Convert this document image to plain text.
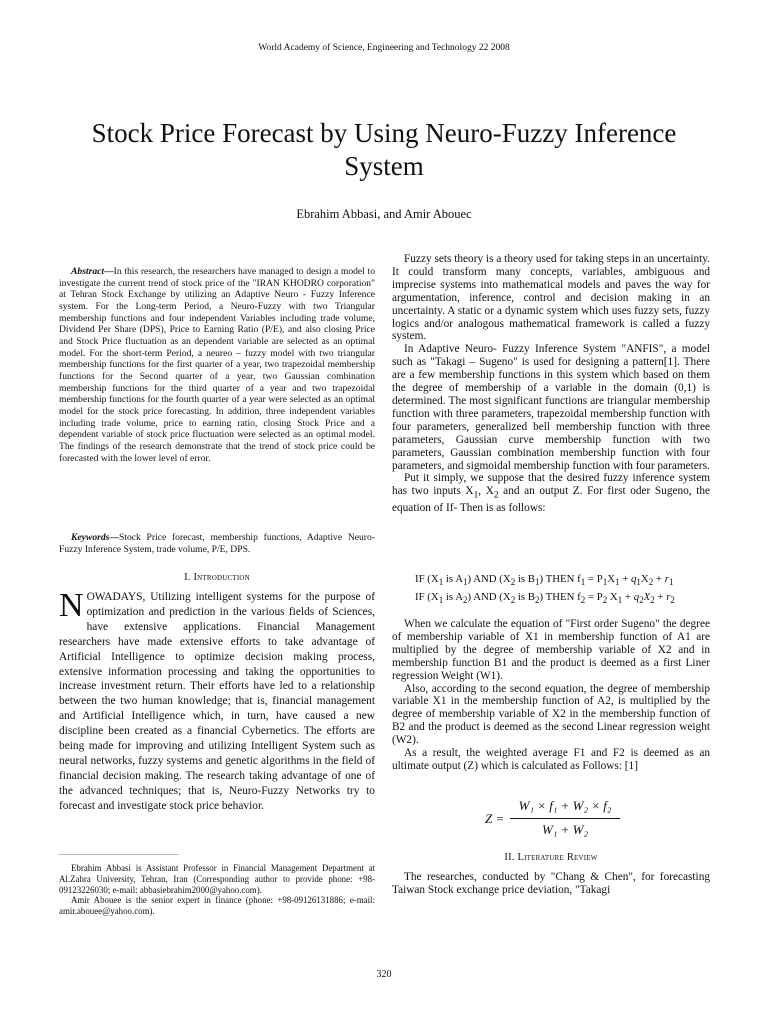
World Academy of Science, Engineering and Technology 22 2008
Stock Price Forecast by Using Neuro-Fuzzy Inference System
Ebrahim Abbasi, and Amir Abouec
Abstract—In this research, the researchers have managed to design a model to investigate the current trend of stock price of the "IRAN KHODRO corporation" at Tehran Stock Exchange by utilizing an Adaptive Neuro - Fuzzy Inference system. For the Long-term Period, a Neuro-Fuzzy with two Triangular membership functions and four independent Variables including trade volume, Dividend Per Share (DPS), Price to Earning Ratio (P/E), and also closing Price and Stock Price fluctuation as an dependent variable are selected as an optimal model. For the short-term Period, a neureo – fuzzy model with two triangular membership functions for the first quarter of a year, two trapezoidal membership functions for the Second quarter of a year, two Gaussian combination membership functions for the third quarter of a year and two trapezoidal membership functions for the fourth quarter of a year were selected as an optimal model for the stock price forecasting. In addition, three independent variables including trade volume, price to earning ratio, closing Stock Price and a dependent variable of stock price fluctuation were selected as an optimal model. The findings of the research demonstrate that the trend of stock price could be forecasted with the lower level of error.
Keywords—Stock Price forecast, membership functions, Adaptive Neuro-Fuzzy Inference System, trade volume, P/E, DPS.
I. Introduction
NOWADAYS, Utilizing intelligent systems for the purpose of optimization and prediction in the various fields of Sciences, have extensive applications. Financial Management researchers have made extensive efforts to take advantage of Artificial Intelligence to optimize decision making process, extensive information processing and taking the opportunities to increase investment return. Their efforts have led to a relationship between the two human knowledge; that is, financial management and Artificial Intelligence which, in turn, have caused a new discipline been created as a financial Cybernetics. The efforts are being made for improving and utilizing Intelligent System such as neural networks, fuzzy systems and genetic algorithms in the field of financial decision making. The research taking advantage of one of the advanced techniques; that is, Neuro-Fuzzy Networks try to forecast and investigate stock price behavior.

Ebrahim Abbasi is Assistant Professor in Financial Management Department at Al.Zahra University, Tehran, Iran (Corresponding author to provide phone: +98-09123226030; e-mail: abbasiebrahim2000@yahoo.com).

Amir Abouee is the senior expert in finance (phone: +98-09126131886; e-mail: amir.abouee@yahoo.com).

Fuzzy sets theory is a theory used for taking steps in an uncertainty. It could transform many concepts, variables, ambiguous and imprecise systems into mathematical models and paves the way for argumentation, inference, control and decision making in an uncertainty. A static or a dynamic system which uses fuzzy sets, fuzzy logics and/or analogous mathematical framework is called a fuzzy system.

In Adaptive Neuro- Fuzzy Inference System "ANFIS", a model such as "Takagi – Sugeno" is used for designing a pattern[1]. There are a few membership functions in this system which based on them the degree of membership of a variable in the domain (0,1) is determined. The most significant functions are triangular membership function with three parameters, trapezoidal membership function with four parameters, generalized bell membership function with three parameters, Gaussian curve membership function with two parameters, Gaussian combination membership function with four parameters, and sigmoidal membership function with four parameters.

Put it simply, we suppose that the desired fuzzy inference system has two inputs $X_1$, $X_2$ and an output Z. For first oder Sugeno, the equation of If- Then is as follows:

IF ($X_1$ is $A_1$) AND ($X_2$ is $B_1$) THEN $f_1 = P_1X_1 + q_1X_2 + r_1$
IF ($X_1$ is $A_2$) AND ($X_2$ is $B_2$) THEN $f_2 = P_2$ $X_1 + q_2X_2 + r_2$

When we calculate the equation of "First order Sugeno" the degree of membership variable of X1 in membership function of A1 are multiplied by the degree of membership variable of X2 and in membership function B1 and the product is deemed as a first Liner regression Weight (W1).

Also, according to the second equation, the degree of membership variable X1 in the membership function of A2, is multiplied by the degree of membership variable of X2 in the membership function of B2 and the product is deemed as the second Linear regression weight (W2).

As a result, the weighted average F1 and F2 is deemed as an ultimate output (Z) which is calculated as Follows: [1]

Z =
W₁ × f₁ + W₂ × f₂
W₁ + W₂
II. Literature Review
The researches, conducted by "Chang & Chen", for forecasting Taiwan Stock exchange price deviation, "Takagi
320
